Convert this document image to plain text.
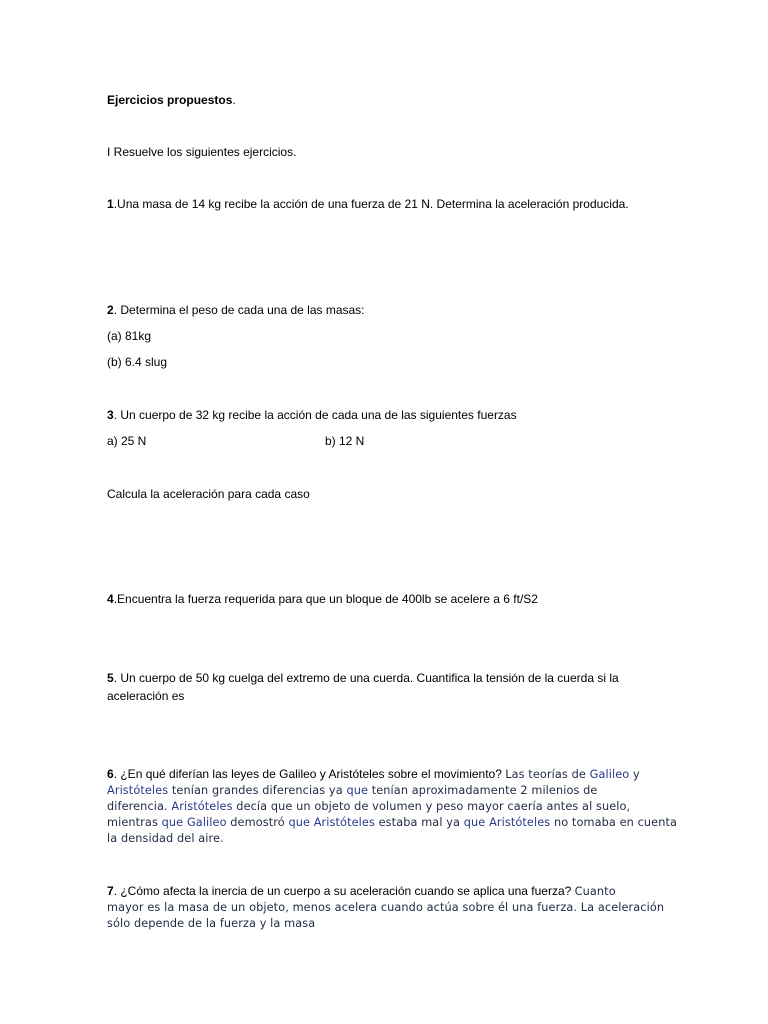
Ejercicios propuestos.
I Resuelve los siguientes ejercicios.
1.Una masa de 14 kg recibe la acción de una fuerza de 21 N. Determina la aceleración producida.
2. Determina el peso de cada una de las masas:
(a) 81kg
(b) 6.4 slug
3. Un cuerpo de 32 kg recibe la acción de cada una de las siguientes fuerzas
a) 25 N	b) 12 N
Calcula la aceleración para cada caso
4.Encuentra la fuerza requerida para que un bloque de 400lb se acelere a 6 ft/S2
5. Un cuerpo de 50 kg cuelga del extremo de una cuerda. Cuantifica la tensión de la cuerda si la
aceleración es
6. ¿En qué diferían las leyes de Galileo y Aristóteles sobre el movimiento? Las teorías de Galileo y
Aristóteles tenían grandes diferencias ya que tenían aproximadamente 2 milenios de
diferencia. Aristóteles decía que un objeto de volumen y peso mayor caería antes al suelo,
mientras que Galileo demostró que Aristóteles estaba mal ya que Aristóteles no tomaba en cuenta
la densidad del aire.
7. ¿Cómo afecta la inercia de un cuerpo a su aceleración cuando se aplica una fuerza? Cuanto
mayor es la masa de un objeto, menos acelera cuando actúa sobre él una fuerza. La aceleración
sólo depende de la fuerza y la masa
